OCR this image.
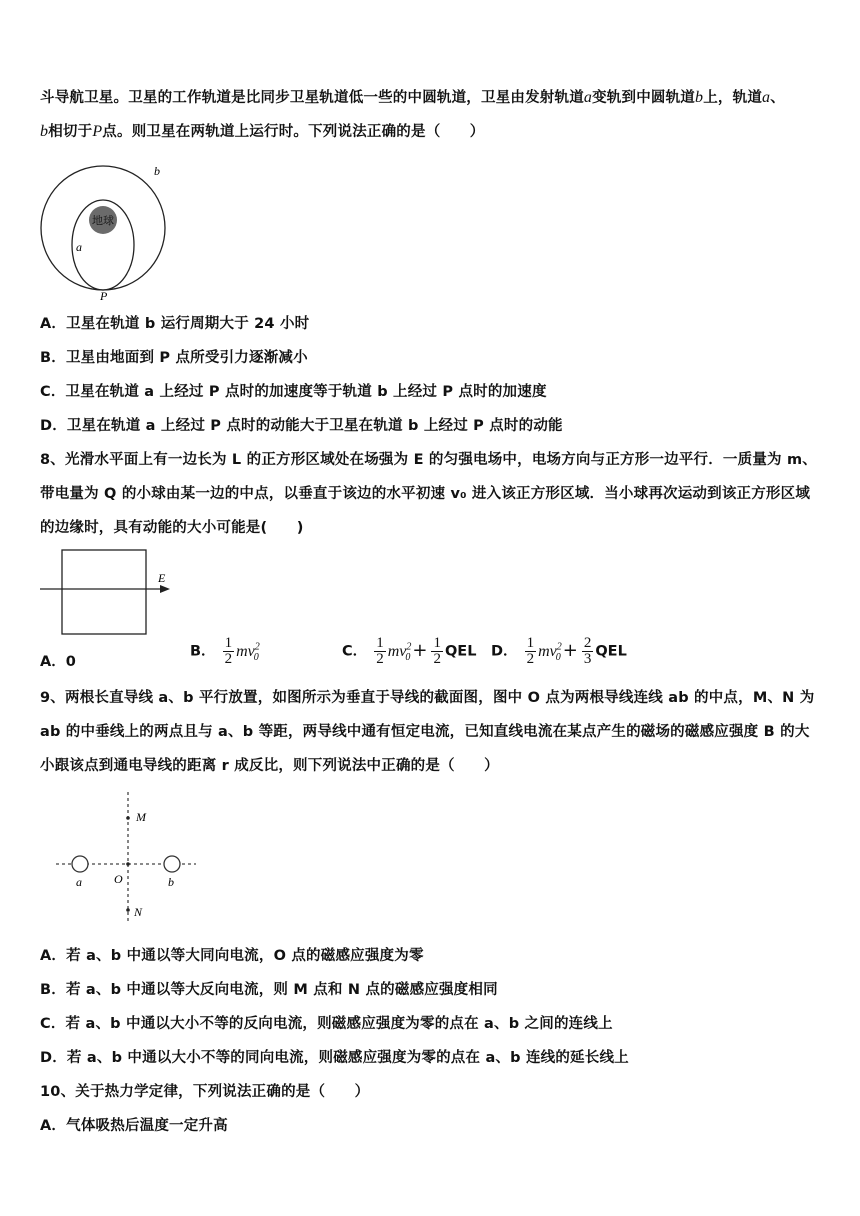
斗导航卫星。卫星的工作轨道是比同步卫星轨道低一些的中圆轨道，卫星由发射轨道a变轨到中圆轨道b上，轨道a、
b相切于P点。则卫星在两轨道上运行时。下列说法正确的是（　　）
地球
b
a
P
A．卫星在轨道 b 运行周期大于 24 小时
B．卫星由地面到 P 点所受引力逐渐减小
C．卫星在轨道 a 上经过 P 点时的加速度等于轨道 b 上经过 P 点时的加速度
D．卫星在轨道 a 上经过 P 点时的动能大于卫星在轨道 b 上经过 P 点时的动能
8、光滑水平面上有一边长为 L 的正方形区域处在场强为 E 的匀强电场中，电场方向与正方形一边平行．一质量为 m、
带电量为 Q 的小球由某一边的中点，以垂直于该边的水平初速 v₀ 进入该正方形区域．当小球再次运动到该正方形区域
的边缘时，具有动能的大小可能是(　　)
E
A．0
B． $\frac{1}{2} mv^2_0$	C． $\frac{1}{2} mv^2_0 + \frac{1}{2}$ QEL D． $\frac{1}{2} mv^2_0 + \frac{2}{3}$ QEL
9、两根长直导线 a、b 平行放置，如图所示为垂直于导线的截面图，图中 O 点为两根导线连线 ab 的中点，M、N 为
ab 的中垂线上的两点且与 a、b 等距，两导线中通有恒定电流，已知直线电流在某点产生的磁场的磁感应强度 B 的大
小跟该点到通电导线的距离 r 成反比，则下列说法中正确的是（　　）
M
N
O
a	b
A．若 a、b 中通以等大同向电流，O 点的磁感应强度为零
B．若 a、b 中通以等大反向电流，则 M 点和 N 点的磁感应强度相同
C．若 a、b 中通以大小不等的反向电流，则磁感应强度为零的点在 a、b 之间的连线上
D．若 a、b 中通以大小不等的同向电流，则磁感应强度为零的点在 a、b 连线的延长线上
10、关于热力学定律，下列说法正确的是（　　）
A．气体吸热后温度一定升高
